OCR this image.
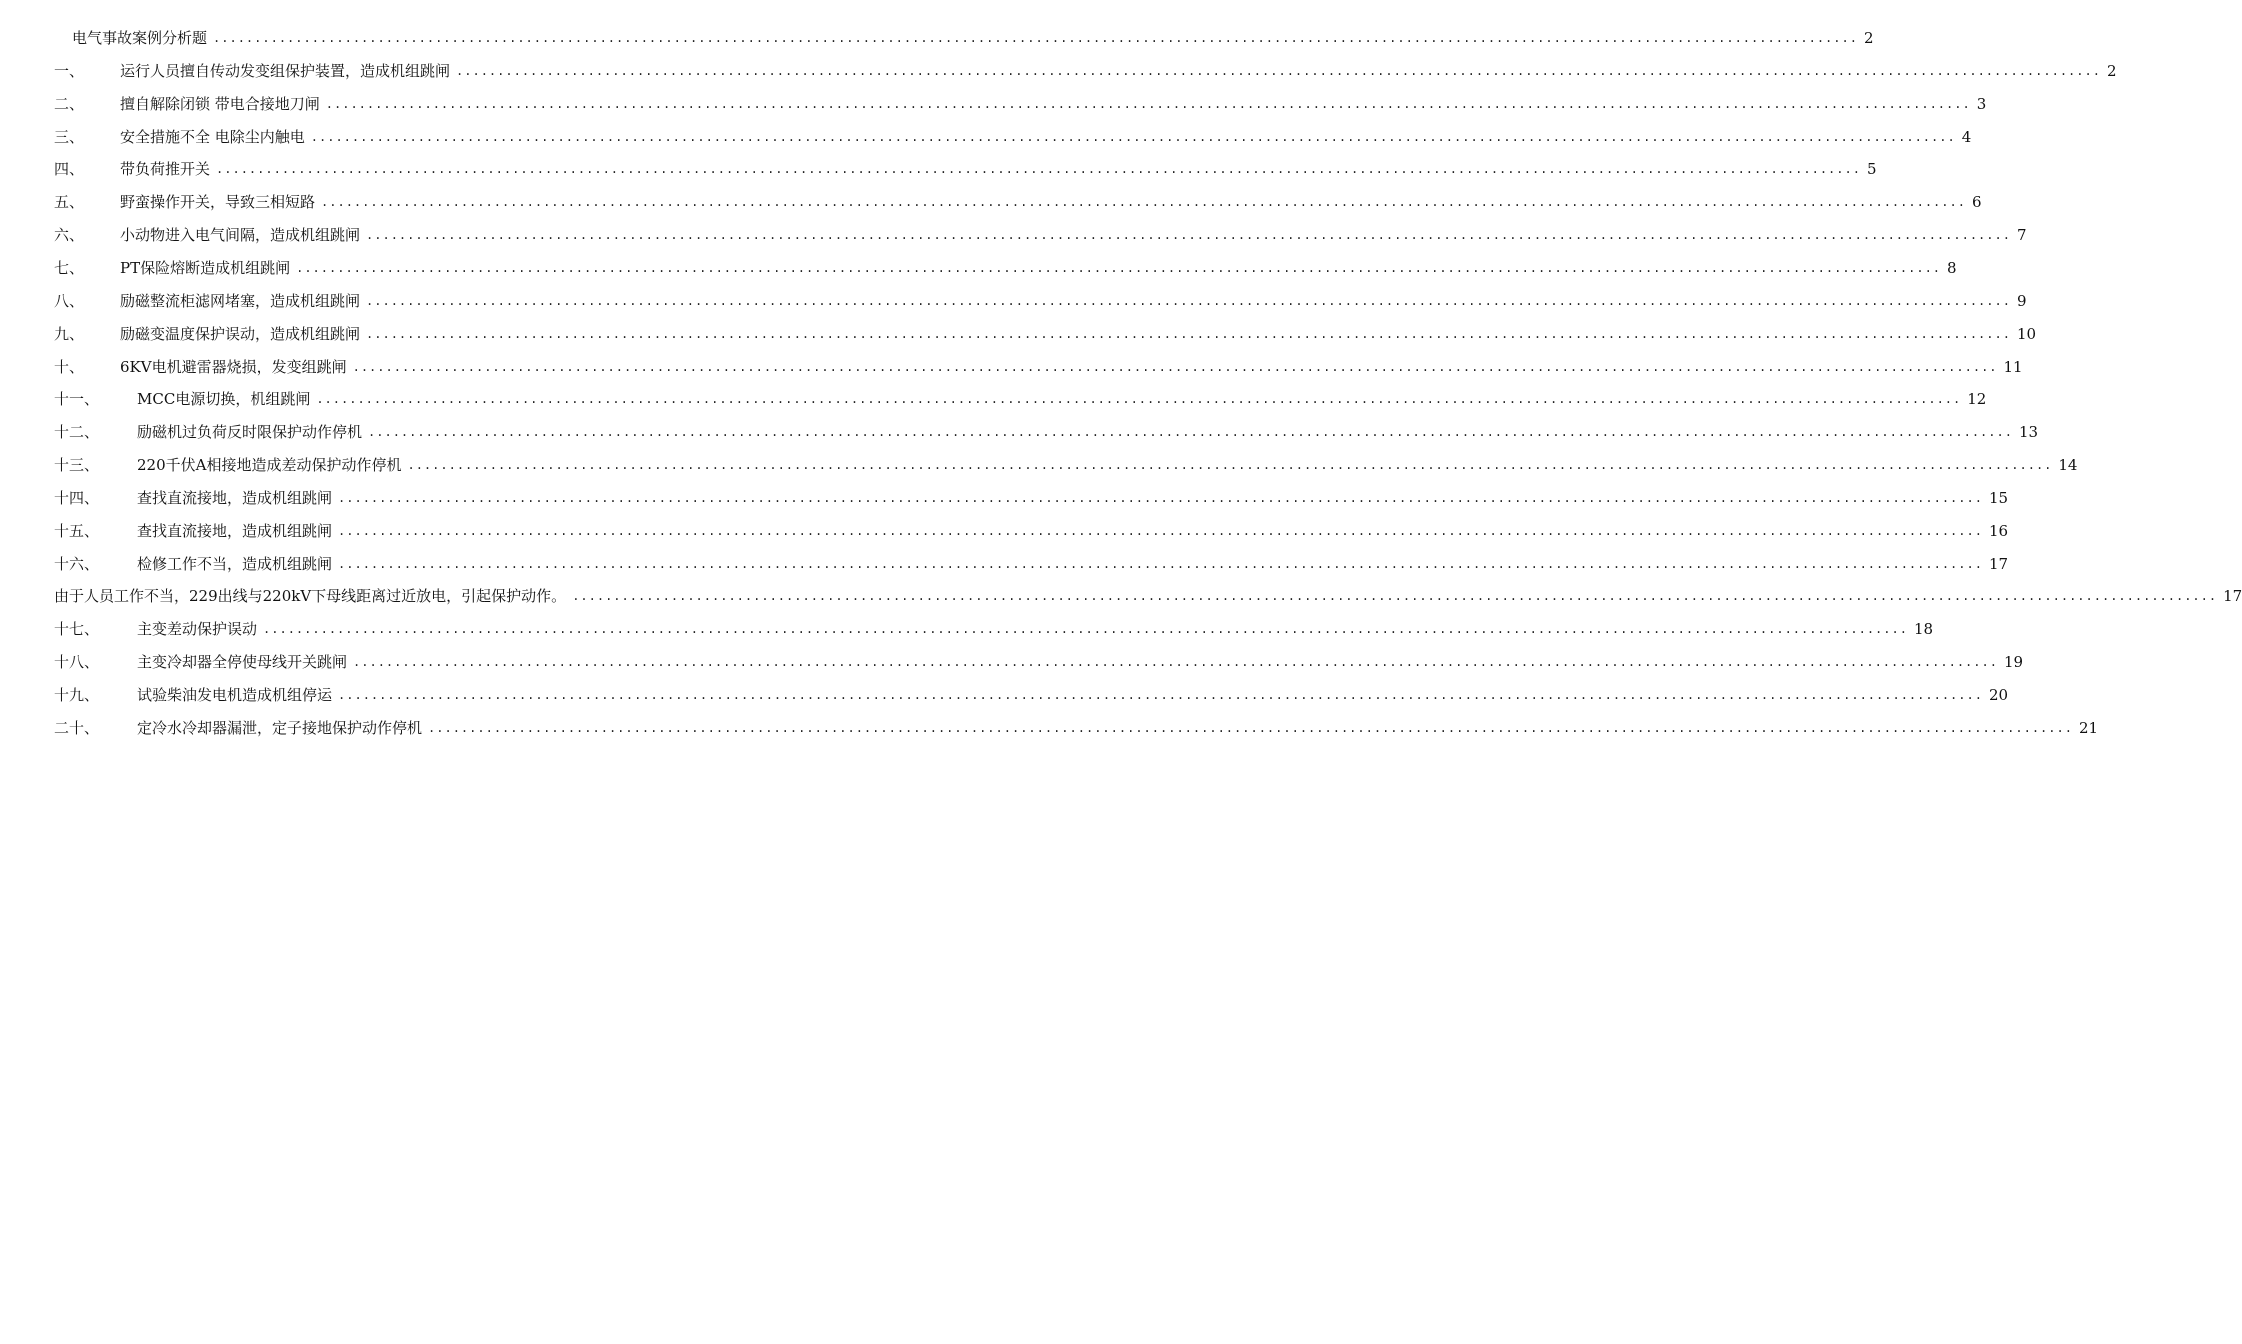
电气事故案例分析题 ........................................................................................................................................................................................................ 2
一、	运行人员擅自传动发变组保护装置，造成机组跳闸 ........................................................................................................................................................................................................ 2
二、	擅自解除闭锁 带电合接地刀闸 ........................................................................................................................................................................................................ 3
三、	安全措施不全 电除尘内触电 ........................................................................................................................................................................................................ 4
四、	带负荷推开关 ........................................................................................................................................................................................................ 5
五、	野蛮操作开关，导致三相短路 ........................................................................................................................................................................................................ 6
六、	小动物进入电气间隔，造成机组跳闸 ........................................................................................................................................................................................................ 7
七、	PT保险熔断造成机组跳闸 ........................................................................................................................................................................................................ 8
八、	励磁整流柜滤网堵塞，造成机组跳闸 ........................................................................................................................................................................................................ 9
九、	励磁变温度保护误动，造成机组跳闸 ........................................................................................................................................................................................................ 10
十、	6KV电机避雷器烧损，发变组跳闸 ........................................................................................................................................................................................................ 11
十一、	MCC电源切换，机组跳闸 ........................................................................................................................................................................................................ 12
十二、	励磁机过负荷反时限保护动作停机 ........................................................................................................................................................................................................ 13
十三、	220千伏A相接地造成差动保护动作停机 ........................................................................................................................................................................................................ 14
十四、	查找直流接地，造成机组跳闸 ........................................................................................................................................................................................................ 15
十五、	查找直流接地，造成机组跳闸 ........................................................................................................................................................................................................ 16
十六、	检修工作不当，造成机组跳闸 ........................................................................................................................................................................................................ 17
由于人员工作不当，229出线与220kV下母线距离过近放电，引起保护动作。 ........................................................................................................................................................................................................ 17
十七、	主变差动保护误动 ........................................................................................................................................................................................................ 18
十八、	主变冷却器全停使母线开关跳闸 ........................................................................................................................................................................................................ 19
十九、	试验柴油发电机造成机组停运 ........................................................................................................................................................................................................ 20
二十、	定冷水冷却器漏泄，定子接地保护动作停机 ........................................................................................................................................................................................................ 21
